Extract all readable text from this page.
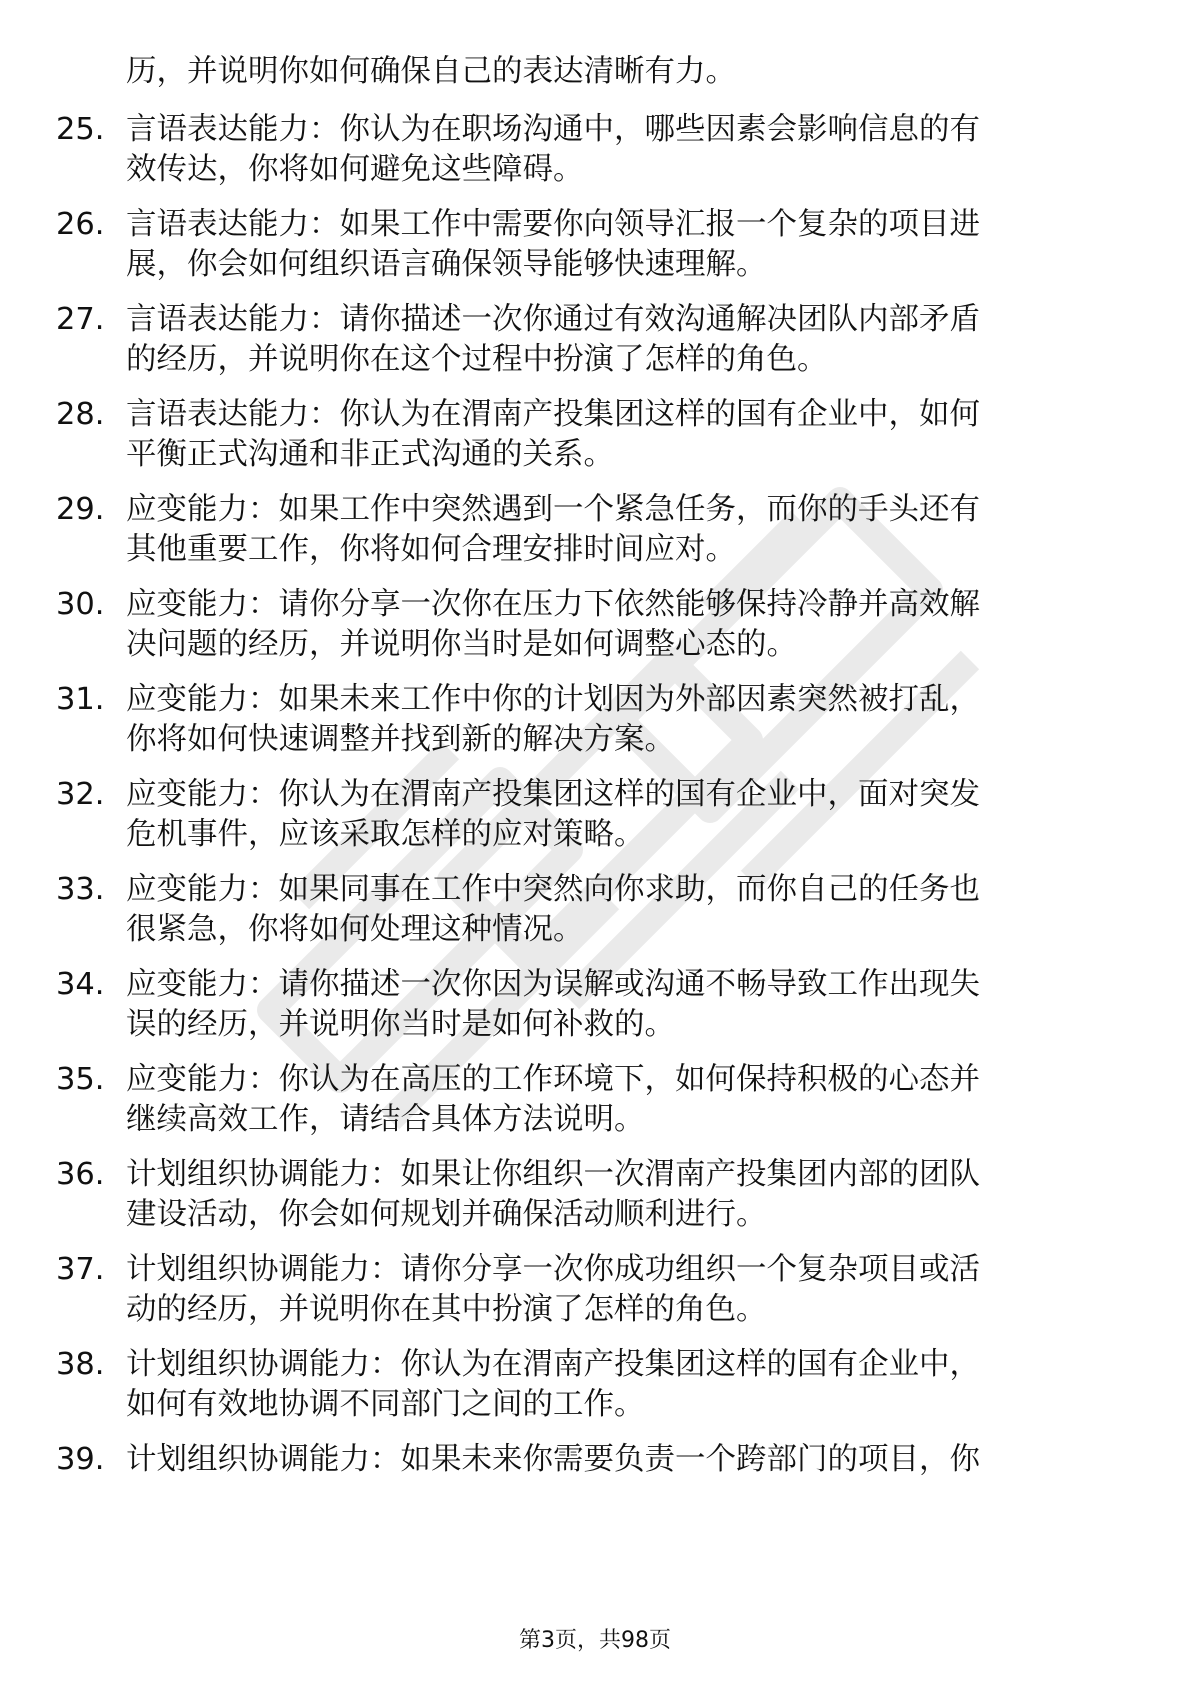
历，并说明你如何确保自己的表达清晰有力。
25. 言语表达能力：你认为在职场沟通中，哪些因素会影响信息的有
效传达，你将如何避免这些障碍。
26. 言语表达能力：如果工作中需要你向领导汇报一个复杂的项目进
展，你会如何组织语言确保领导能够快速理解。
27. 言语表达能力：请你描述一次你通过有效沟通解决团队内部矛盾
的经历，并说明你在这个过程中扮演了怎样的角色。
28. 言语表达能力：你认为在渭南产投集团这样的国有企业中，如何
平衡正式沟通和非正式沟通的关系。
29. 应变能力：如果工作中突然遇到一个紧急任务，而你的手头还有
其他重要工作，你将如何合理安排时间应对。
30. 应变能力：请你分享一次你在压力下依然能够保持冷静并高效解
决问题的经历，并说明你当时是如何调整心态的。
31. 应变能力：如果未来工作中你的计划因为外部因素突然被打乱，
你将如何快速调整并找到新的解决方案。
32. 应变能力：你认为在渭南产投集团这样的国有企业中，面对突发
危机事件，应该采取怎样的应对策略。
33. 应变能力：如果同事在工作中突然向你求助，而你自己的任务也
很紧急，你将如何处理这种情况。
34. 应变能力：请你描述一次你因为误解或沟通不畅导致工作出现失
误的经历，并说明你当时是如何补救的。
35. 应变能力：你认为在高压的工作环境下，如何保持积极的心态并
继续高效工作，请结合具体方法说明。
36. 计划组织协调能力：如果让你组织一次渭南产投集团内部的团队
建设活动，你会如何规划并确保活动顺利进行。
37. 计划组织协调能力：请你分享一次你成功组织一个复杂项目或活
动的经历，并说明你在其中扮演了怎样的角色。
38. 计划组织协调能力：你认为在渭南产投集团这样的国有企业中，
如何有效地协调不同部门之间的工作。
39. 计划组织协调能力：如果未来你需要负责一个跨部门的项目，你
第3页，共98页
